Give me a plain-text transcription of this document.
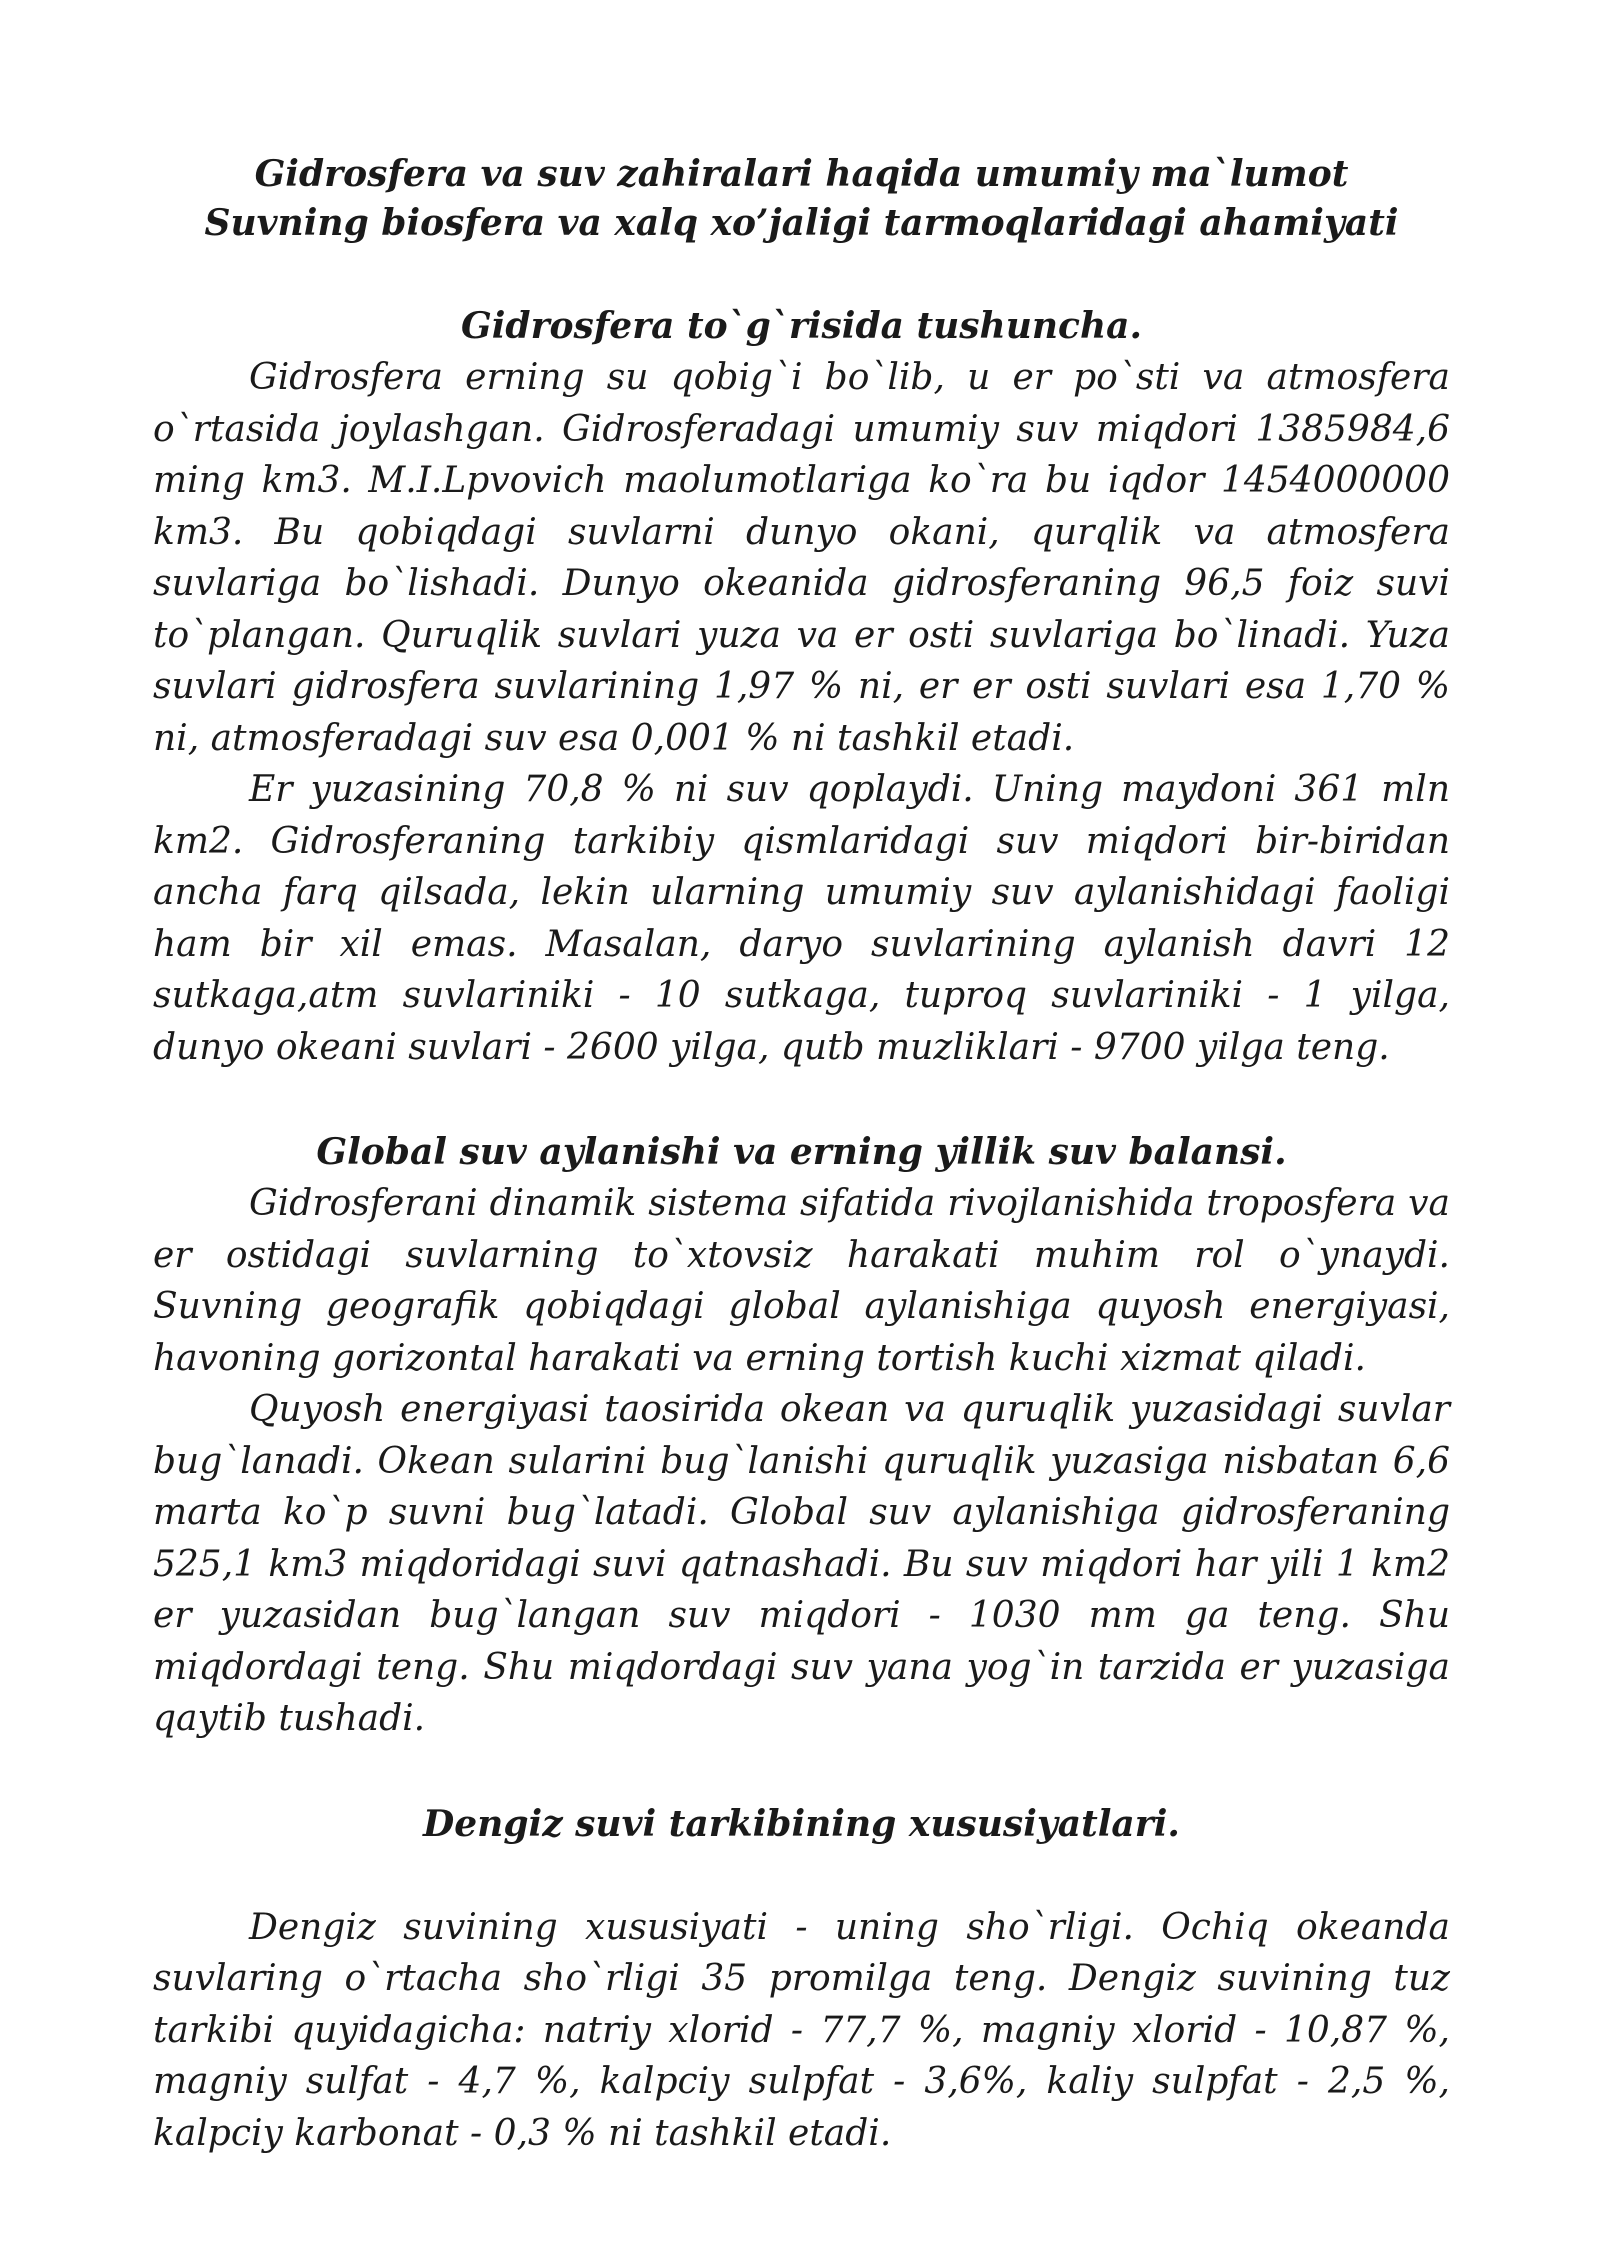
Gidrosfera va suv zahiralari haqida umumiy ma`lumot

Suvning biosfera va xalq xo’jaligi tarmoqlaridagi ahamiyati

Gidrosfera to`g`risida tushuncha.

Gidrosfera erning su qobig`i bo`lib, u er po`sti va atmosfera o`rtasida joylashgan. Gidrosferadagi umumiy suv miqdori 1385984,6 ming km3. M.I.Lpvovich maolumotlariga ko`ra bu iqdor 1454000000 km3. Bu qobiqdagi suvlarni dunyo okani, qurqlik va atmosfera suvlariga bo`lishadi. Dunyo okeanida gidrosferaning 96,5 foiz suvi to`plangan. Quruqlik suvlari yuza va er osti suvlariga bo`linadi. Yuza suvlari gidrosfera suvlarining 1,97 % ni, er er osti suvlari esa 1,70 % ni, atmosferadagi suv esa 0,001 % ni tashkil etadi.

Er yuzasining 70,8 % ni suv qoplaydi. Uning maydoni 361 mln km2. Gidrosferaning tarkibiy qismlaridagi suv miqdori bir-biridan ancha farq qilsada, lekin ularning umumiy suv aylanishidagi faoligi ham bir xil emas. Masalan, daryo suvlarining aylanish davri 12 sutkaga,atm suvlariniki - 10 sutkaga, tuproq suvlariniki - 1 yilga, dunyo okeani suvlari - 2600 yilga, qutb muzliklari - 9700 yilga teng.

Global suv aylanishi va erning yillik suv balansi.

Gidrosferani dinamik sistema sifatida rivojlanishida troposfera va er ostidagi suvlarning to`xtovsiz harakati muhim rol o`ynaydi. Suvning geografik qobiqdagi global aylanishiga quyosh energiyasi, havoning gorizontal harakati va erning tortish kuchi xizmat qiladi.

Quyosh energiyasi taosirida okean va quruqlik yuzasidagi suvlar bug`lanadi. Okean sularini bug`lanishi quruqlik yuzasiga nisbatan 6,6 marta ko`p suvni bug`latadi. Global suv aylanishiga gidrosferaning 525,1 km3 miqdoridagi suvi qatnashadi. Bu suv miqdori har yili 1 km2 er yuzasidan bug`langan suv miqdori - 1030 mm ga teng. Shu miqdordagi teng. Shu miqdordagi suv yana yog`in tarzida er yuzasiga qaytib tushadi.

Dengiz suvi tarkibining xususiyatlari.

Dengiz suvining xususiyati - uning sho`rligi. Ochiq okeanda suvlaring o`rtacha sho`rligi 35 promilga teng. Dengiz suvining tuz tarkibi quyidagicha: natriy xlorid - 77,7 %, magniy xlorid - 10,87 %, magniy sulfat - 4,7 %, kalpciy sulpfat - 3,6%, kaliy sulpfat - 2,5 %, kalpciy karbonat - 0,3 % ni tashkil etadi.
